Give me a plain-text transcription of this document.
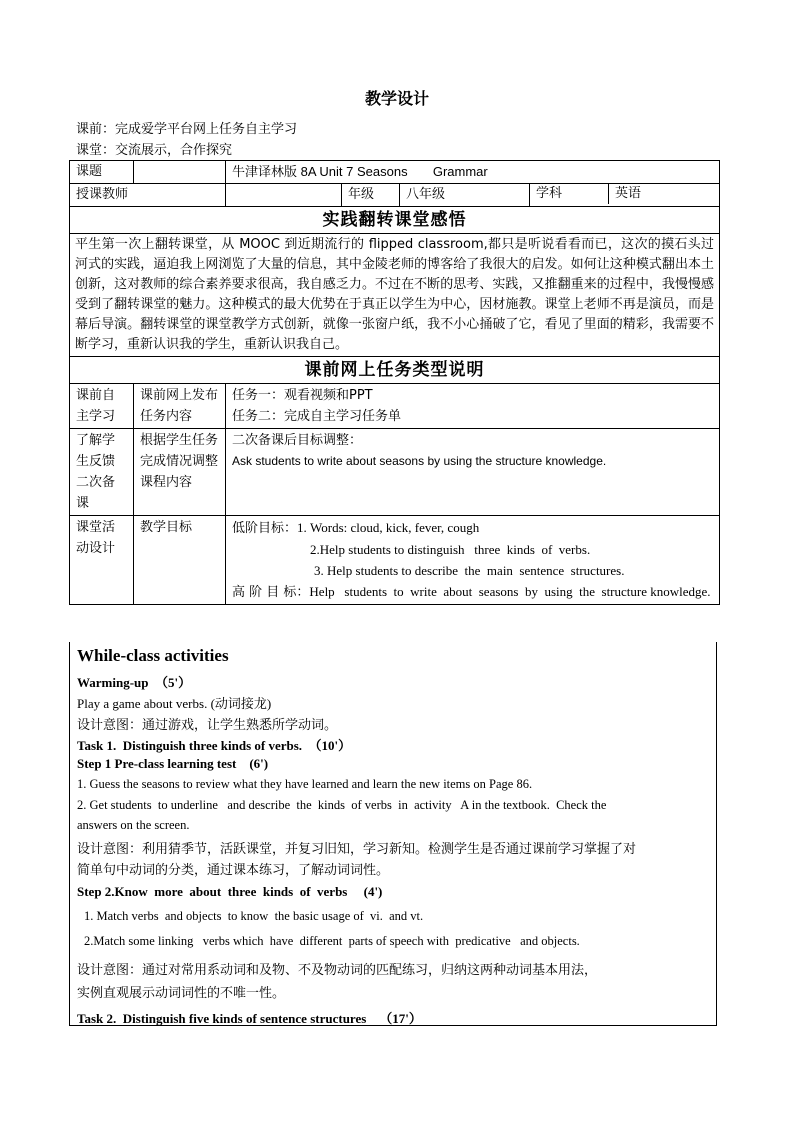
教学设计
课前：完成爱学平台网上任务自主学习
课堂：交流展示，合作探究
课题		牛津译林版 8A Unit 7 Seasons       Grammar			
授课教师			年级	八年级	学科 英语

实践翻转课堂感悟					
平生第一次上翻转课堂，从 MOOC 到近期流行的 flipped classroom,都只是听说看看而已，这次的摸石头过河式的实践，逼迫我上网浏览了大量的信息，其中金陵老师的博客给了我很大的启发。如何让这种模式翻出本土创新，这对教师的综合素养要求很高，我自感乏力。不过在不断的思考、实践，又推翻重来的过程中，我慢慢感受到了翻转课堂的魅力。这种模式的最大优势在于真正以学生为中心，因材施教。课堂上老师不再是演员，而是幕后导演。翻转课堂的课堂教学方式创新，就像一张窗户纸，我不小心捅破了它，看见了里面的精彩，我需要不断学习，重新认识我的学生，重新认识我自己。					
课前网上任务类型说明					
课前自主学习	课前网上发布任务内容	任务一：观看视频和PPT
任务二：完成自主学习任务单			

了解学生反馈二次备课	根据学生任务完成情况调整课程内容	二次备课后目标调整：
Ask students to write about seasons by using the structure knowledge.			

课堂活动设计	教学目标	低阶目标：1. Words: cloud, kick, fever, cough
2.Help students to distinguish   three  kinds  of  verbs.
3. Help students to describe  the  main  sentence  structures.
高 阶 目 标：Help   students  to  write  about  seasons  by  using  the  structure knowledge.			
While-class activities
Warming-up  （5'）
Play a game about verbs. (动词接龙)
设计意图：通过游戏，让学生熟悉所学动词。
Task 1.  Distinguish three kinds of verbs.  （10'）
Step 1 Pre-class learning test    (6')
1. Guess the seasons to review what they have learned and learn the new items on Page 86.
2. Get students  to underline   and describe  the  kinds  of verbs  in  activity   A in the textbook.  Check the
answers on the screen.
设计意图：利用猜季节，活跃课堂，并复习旧知，学习新知。检测学生是否通过课前学习掌握了对
简单句中动词的分类，通过课本练习，了解动词词性。
Step 2.Know  more  about  three  kinds  of  verbs     (4')
1. Match verbs  and objects  to know  the basic usage of  vi.  and vt.
2.Match some linking   verbs which  have  different  parts of speech with  predicative   and objects.
设计意图：通过对常用系动词和及物、不及物动词的匹配练习，归纳这两种动词基本用法，
实例直观展示动词词性的不唯一性。
Task 2.  Distinguish five kinds of sentence structures    （17'）
